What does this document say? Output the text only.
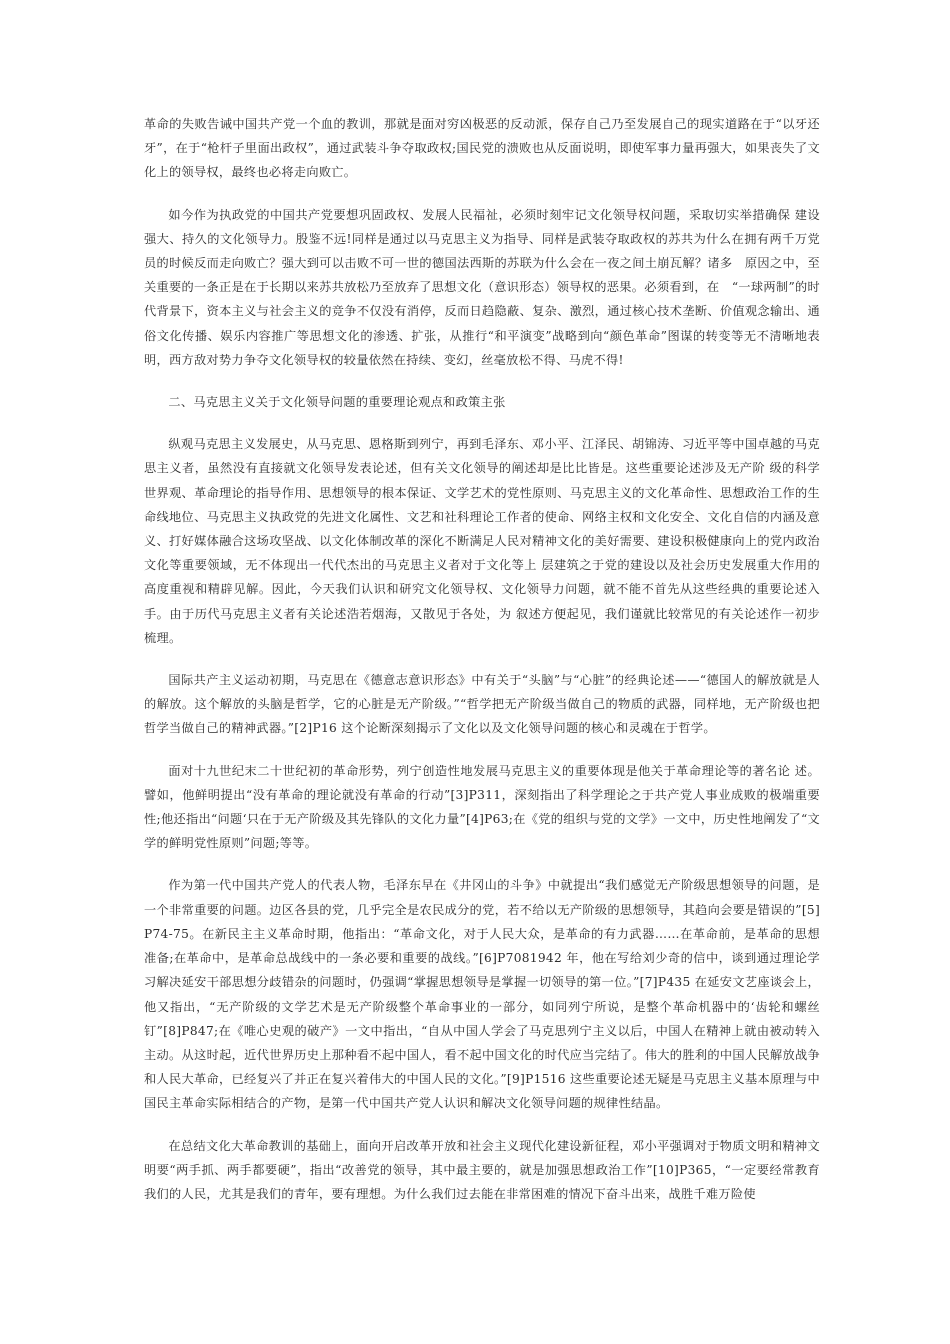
革命的失败告诫中国共产党一个血的教训，那就是面对穷凶极恶的反动派，保存自己乃至发展自己的现实道路在于“以牙还牙”，在于“枪杆子里面出政权”，通过武装斗争夺取政权;国民党的溃败也从反面说明，即使军事力量再强大，如果丧失了文化上的领导权，最终也必将走向败亡。

如今作为执政党的中国共产党要想巩固政权、发展人民福祉，必须时刻牢记文化领导权问题，采取切实举措确保 建设强大、持久的文化领导力。殷鉴不远!同样是通过以马克思主义为指导、同样是武装夺取政权的苏共为什么在拥有两千万党员的时候反而走向败亡？强大到可以击败不可一世的德国法西斯的苏联为什么会在一夜之间土崩瓦解？诸多　原因之中，至关重要的一条正是在于长期以来苏共放松乃至放弃了思想文化（意识形态）领导权的恶果。必须看到，在　“一球两制”的时代背景下，资本主义与社会主义的竞争不仅没有消停，反而日趋隐蔽、复杂、激烈，通过核心技术垄断、价值观念输出、通俗文化传播、娱乐内容推广等思想文化的渗透、扩张，从推行“和平演变”战略到向“颜色革命”图谋的转变等无不清晰地表明，西方敌对势力争夺文化领导权的较量依然在持续、变幻，丝毫放松不得、马虎不得!

二、马克思主义关于文化领导问题的重要理论观点和政策主张

纵观马克思主义发展史，从马克思、恩格斯到列宁，再到毛泽东、邓小平、江泽民、胡锦涛、习近平等中国卓越的马克思主义者，虽然没有直接就文化领导发表论述，但有关文化领导的阐述却是比比皆是。这些重要论述涉及无产阶 级的科学世界观、革命理论的指导作用、思想领导的根本保证、文学艺术的党性原则、马克思主义的文化革命性、思想政治工作的生命线地位、马克思主义执政党的先进文化属性、文艺和社科理论工作者的使命、网络主权和文化安全、文化自信的内涵及意义、打好媒体融合这场攻坚战、以文化体制改革的深化不断满足人民对精神文化的美好需要、建设积极健康向上的党内政治文化等重要领域，无不体现出一代代杰出的马克思主义者对于文化等上 层建筑之于党的建设以及社会历史发展重大作用的高度重视和精辟见解。因此，今天我们认识和研究文化领导权、文化领导力问题，就不能不首先从这些经典的重要论述入手。由于历代马克思主义者有关论述浩若烟海，又散见于各处，为 叙述方便起见，我们谨就比较常见的有关论述作一初步梳理。

国际共产主义运动初期，马克思在《德意志意识形态》中有关于“头脑”与“心脏”的经典论述——“德国人的解放就是人的解放。这个解放的头脑是哲学，它的心脏是无产阶级。”“哲学把无产阶级当做自己的物质的武器，同样地，无产阶级也把哲学当做自己的精神武器。”[2]P16 这个论断深刻揭示了文化以及文化领导问题的核心和灵魂在于哲学。

面对十九世纪末二十世纪初的革命形势，列宁创造性地发展马克思主义的重要体现是他关于革命理论等的著名论 述。譬如，他鲜明提出“没有革命的理论就没有革命的行动”[3]P311，深刻指出了科学理论之于共产党人事业成败的极端重要性;他还指出“问题‘只在于无产阶级及其先锋队的文化力量”[4]P63;在《党的组织与党的文学》一文中，历史性地阐发了“文学的鲜明党性原则”问题;等等。

作为第一代中国共产党人的代表人物，毛泽东早在《井冈山的斗争》中就提出“我们感觉无产阶级思想领导的问题，是一个非常重要的问题。边区各县的党，几乎完全是农民成分的党，若不给以无产阶级的思想领导，其趋向会要是错误的”[5]P74-75。在新民主主义革命时期，他指出：“革命文化，对于人民大众，是革命的有力武器……在革命前，是革命的思想准备;在革命中，是革命总战线中的一条必要和重要的战线。”[6]P7081942 年，他在写给刘少奇的信中，谈到通过理论学习解决延安干部思想分歧错杂的问题时，仍强调“掌握思想领导是掌握一切领导的第一位。”[7]P435 在延安文艺座谈会上，他又指出，“无产阶级的文学艺术是无产阶级整个革命事业的一部分，如同列宁所说，是整个革命机器中的‘齿轮和螺丝钉”[8]P847;在《唯心史观的破产》一文中指出，“自从中国人学会了马克思列宁主义以后，中国人在精神上就由被动转入主动。从这时起，近代世界历史上那种看不起中国人，看不起中国文化的时代应当完结了。伟大的胜利的中国人民解放战争和人民大革命，已经复兴了并正在复兴着伟大的中国人民的文化。”[9]P1516 这些重要论述无疑是马克思主义基本原理与中国民主革命实际相结合的产物，是第一代中国共产党人认识和解决文化领导问题的规律性结晶。

在总结文化大革命教训的基础上，面向开启改革开放和社会主义现代化建设新征程，邓小平强调对于物质文明和精神文明要“两手抓、两手都要硬”，指出“改善党的领导，其中最主要的，就是加强思想政治工作”[10]P365，“一定要经常教育我们的人民，尤其是我们的青年，要有理想。为什么我们过去能在非常困难的情况下奋斗出来，战胜千难万险使
